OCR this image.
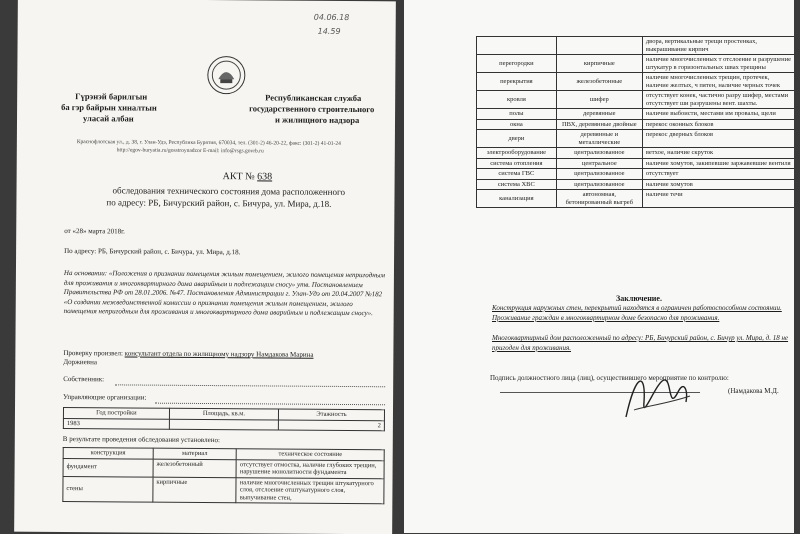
04.06.18
14.59
Гүрэнэй барилгын
ба гэр байрын хиналтын
уласай албан
Республиканская служба
государственного строительного
и жилищного надзора
Краснофлотская ул., д. 38, г. Улан-Удэ, Республика Бурятия, 670034, тел. (301-2) 46-20-22, факс: (301-2) 41-01-24
http://egov-buryatia.ru/gosstroynadzor E-mail: info@rsgs.govrb.ru
АКТ № 638
обследования технического состояния дома расположенного
по адресу: РБ, Бичурский район, с. Бичура, ул. Мира, д.18.
от «28» марта 2018г.
По адресу: РБ, Бичурский район, с. Бичура, ул. Мира, д.18.
На основании: «Положения о признании помещения жилым помещением, жилого помещения непригодным для проживания и многоквартирного дома аварийным и подлежащим сносу» утв. Постановлением Правительства РФ от 28.01.2006. №47. Постановления Администрации г. Улан-Удэ от 20.04.2007 №182 «О создании межведомственной комиссии о признании помещения жилым помещением, жилого помещения непригодным для проживания и многоквартирного дома аварийным и подлежащим сносу».
Проверку произвел: консультант отдела по жилищному надзору Намдакова Марина
Доржиевна
Собственник:
Управляющие организации:
Год постройки	Площадь, кв.м.	Этажность
1983		2
В результате проведения обследования установлено:
конструкция	материал	техническое состояние
фундамент	железобетонный	отсутствует отмостка, наличие глубоких трещин, нарушение монолитности фундамента
стены	кирпичные	наличие многочисленных трещин штукатурного слоя, отслоение отштукатурного слоя, выпучивание стен,
		двора, вертикальные трещи простенках, выкрашивание кирпич
перегородки	кирпичные	наличие многочисленных т отслоение и разрушение штукатур в горизонтальных швах трещины
перекрытия	железобетонные	наличие многочисленных трещин, протечек, наличие желтых, ч пятен, наличие черных точек
кровля	шифер	отсутствует конек, частично разру шифер, местами отсутствует ши разрушены вент. шахты.
полы	деревянные	наличие выбоисти, местами им провалы, щели
окна	ПВХ, деревянные двойные	перекос оконных блоков
двери	деревянные и металлические	перекос дверных блоков
электрооборудование	централизованное	ветхое, наличие скруток
система отопления	центральное	наличие хомутов, закипевшие заржавевшие вентиля
система ГВС	централизованное	отсутствует
система ХВС	централизованное	наличие хомутов
канализация	автономная, бетонированный выгреб	наличие течи
Заключение.
Конструкция наружных стен, перекрытий находятся в ограничен работоспособном состоянии. Проживание граждан в многоквартирном доме безопасно для проживания.
Многоквартирный дом расположенный по адресу: РБ, Бичурский район, с. Бичур ул. Мира, д. 18 не пригоден для проживания.
Подпись должностного лица (лиц), осуществившего мероприятие по контролю:
(Намдакова М.Д.
